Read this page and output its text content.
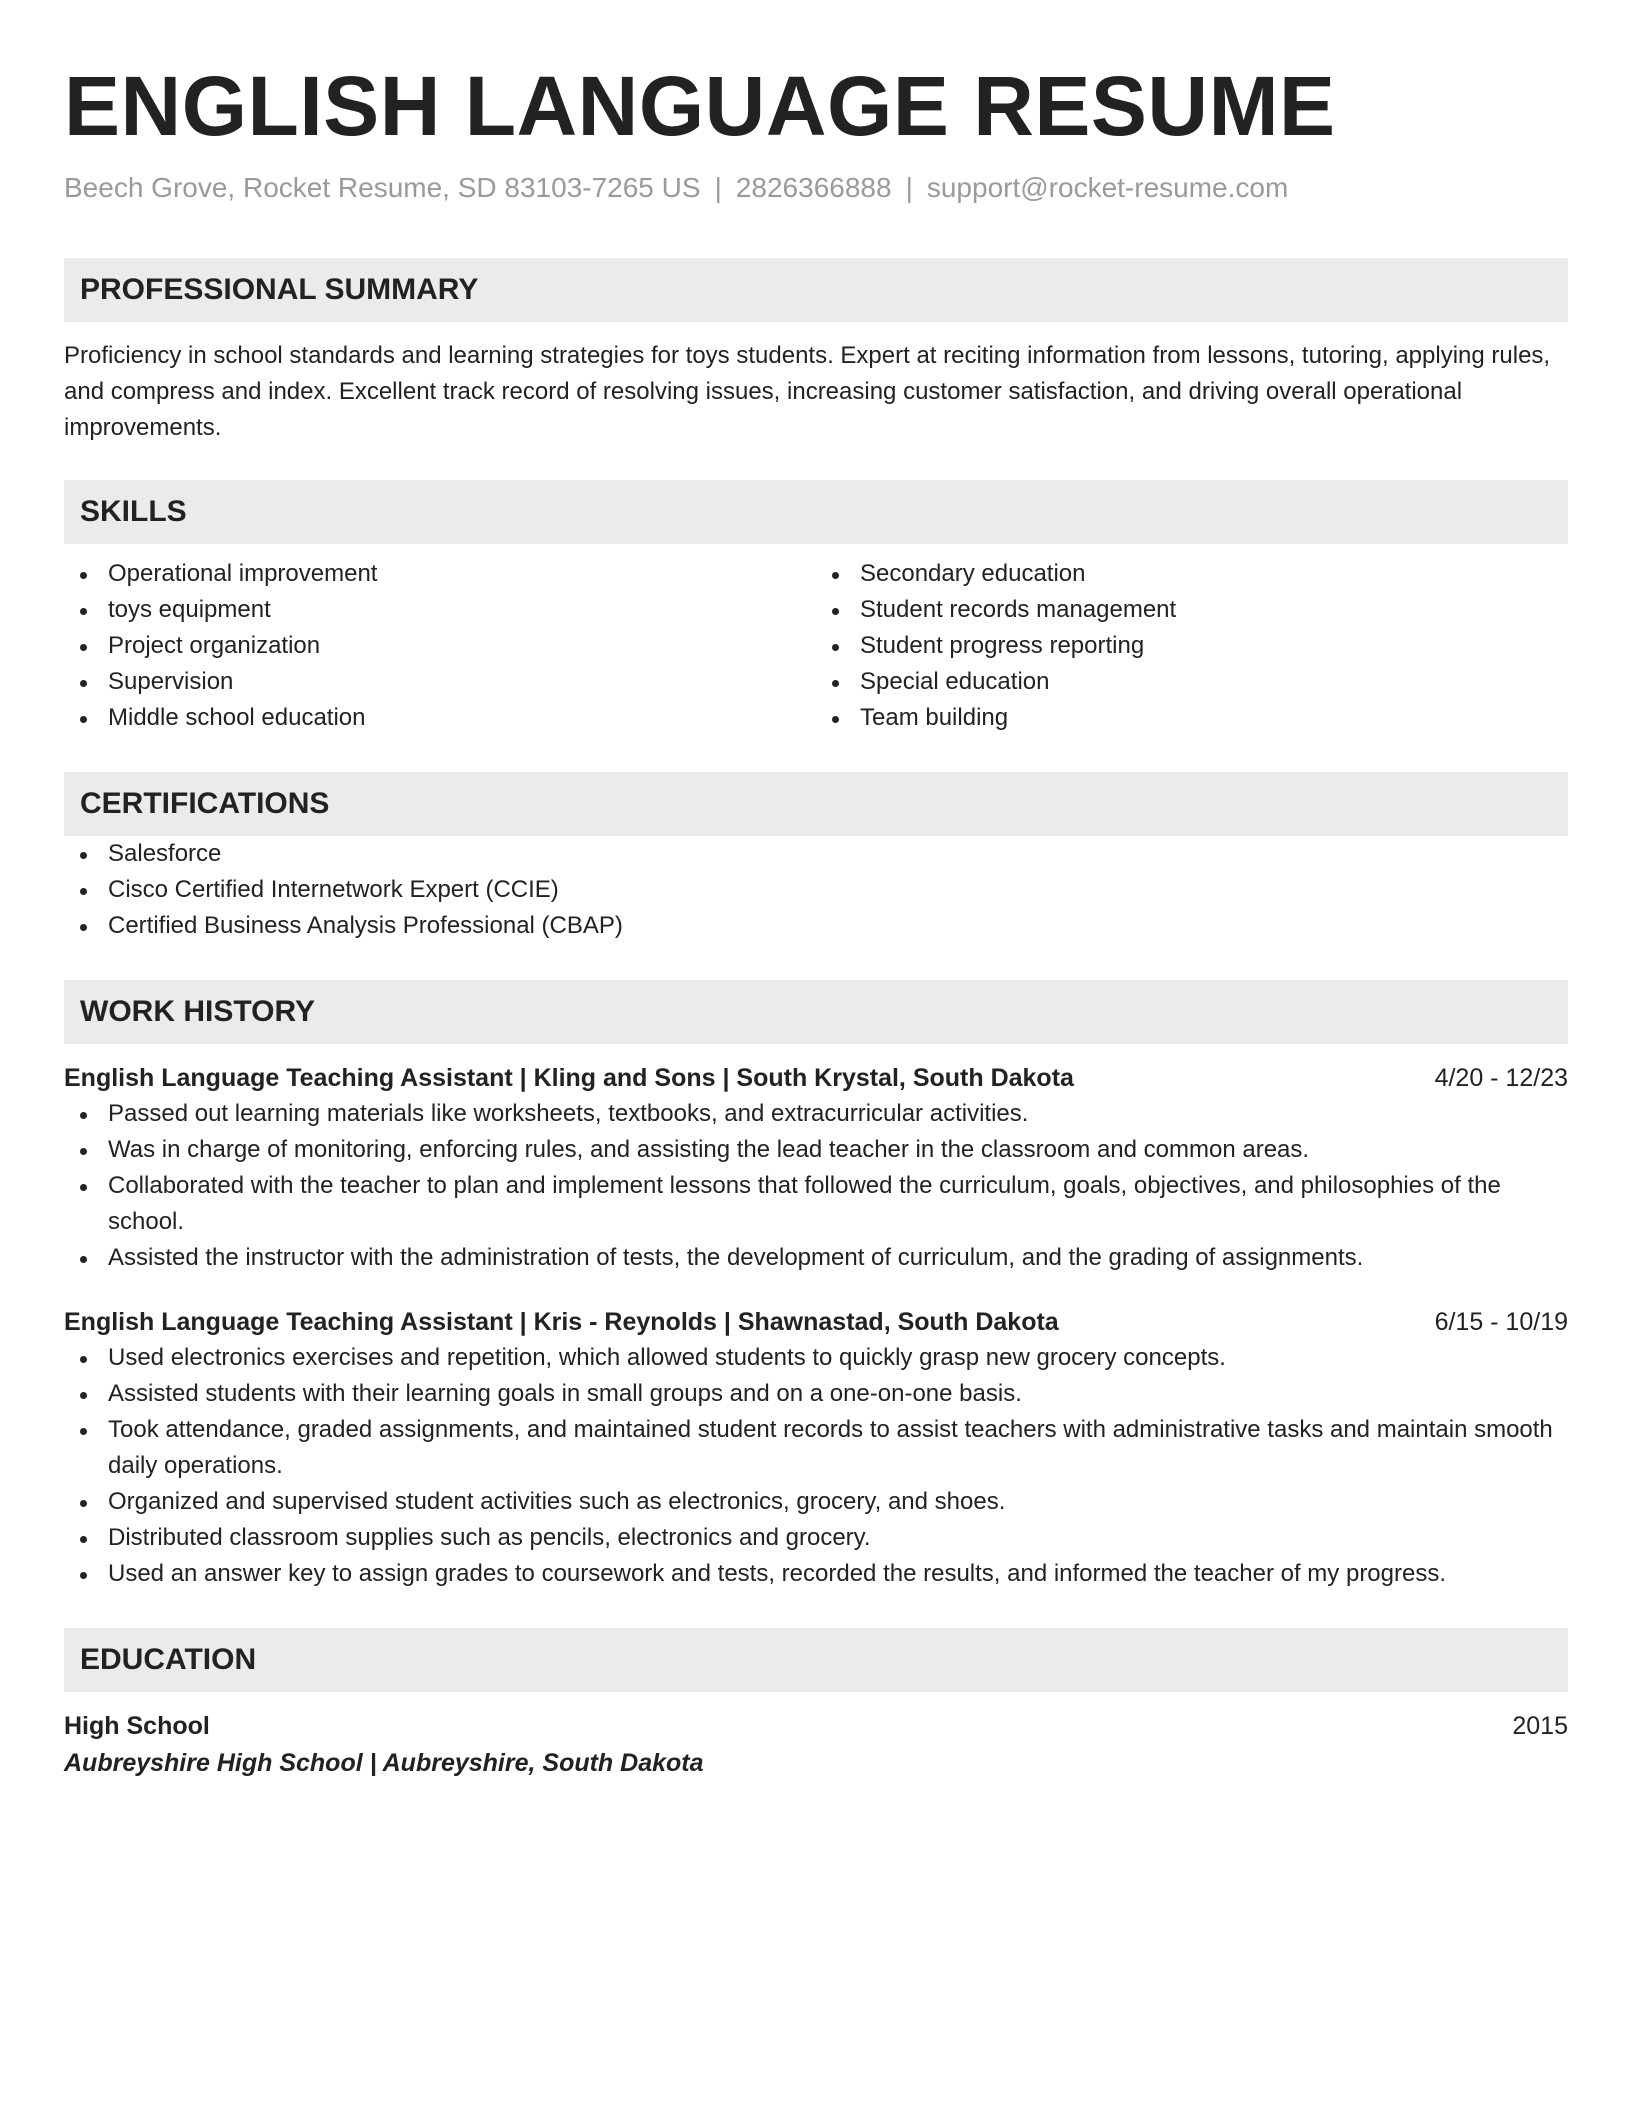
ENGLISH LANGUAGE RESUME
Beech Grove, Rocket Resume, SD 83103-7265 US | 2826366888 | support@rocket-resume.com
PROFESSIONAL SUMMARY
Proficiency in school standards and learning strategies for toys students. Expert at reciting information from lessons, tutoring, applying rules, and compress and index. Excellent track record of resolving issues, increasing customer satisfaction, and driving overall operational improvements.
SKILLS
Operational improvement
toys equipment
Project organization
Supervision
Middle school education
Secondary education
Student records management
Student progress reporting
Special education
Team building
CERTIFICATIONS
Salesforce
Cisco Certified Internetwork Expert (CCIE)
Certified Business Analysis Professional (CBAP)
WORK HISTORY
English Language Teaching Assistant | Kling and Sons | South Krystal, South Dakota	4/20 - 12/23
Passed out learning materials like worksheets, textbooks, and extracurricular activities.
Was in charge of monitoring, enforcing rules, and assisting the lead teacher in the classroom and common areas.
Collaborated with the teacher to plan and implement lessons that followed the curriculum, goals, objectives, and philosophies of the school.
Assisted the instructor with the administration of tests, the development of curriculum, and the grading of assignments.
English Language Teaching Assistant | Kris - Reynolds | Shawnastad, South Dakota	6/15 - 10/19
Used electronics exercises and repetition, which allowed students to quickly grasp new grocery concepts.
Assisted students with their learning goals in small groups and on a one-on-one basis.
Took attendance, graded assignments, and maintained student records to assist teachers with administrative tasks and maintain smooth daily operations.
Organized and supervised student activities such as electronics, grocery, and shoes.
Distributed classroom supplies such as pencils, electronics and grocery.
Used an answer key to assign grades to coursework and tests, recorded the results, and informed the teacher of my progress.
EDUCATION
High School	2015
Aubreyshire High School | Aubreyshire, South Dakota
